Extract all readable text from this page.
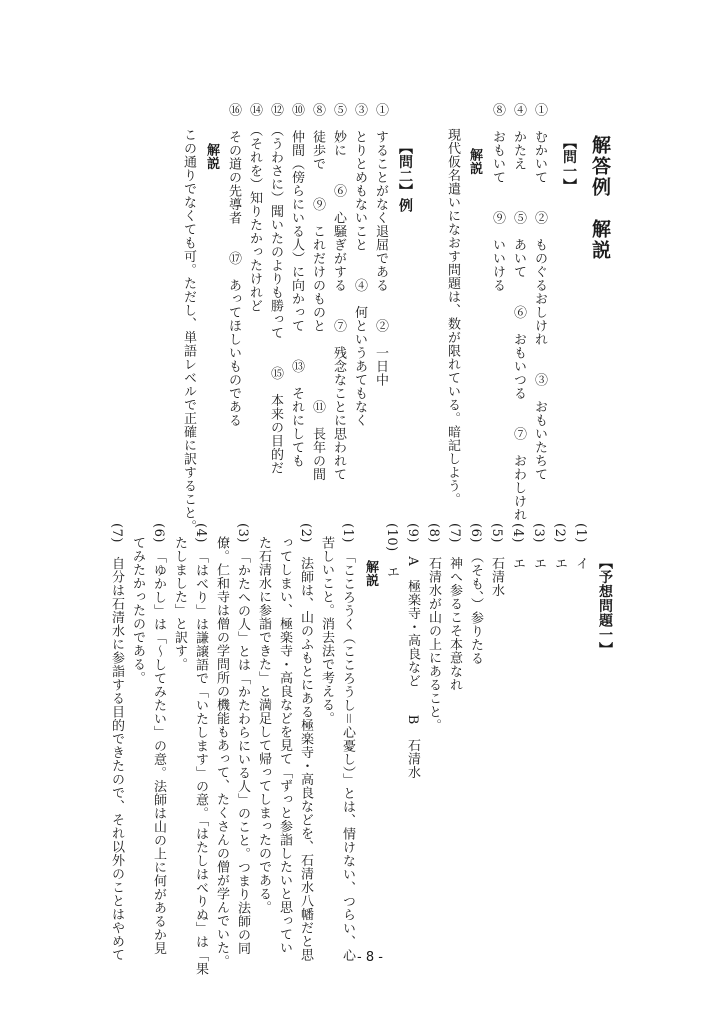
解答例　解説
【問一】
①　むかいて　　②　ものぐるおしけれ　　③　おもいたちて
④　かたえ　　　⑤　あいて　　⑥　おもいつる　　⑦　おわしけれ
⑧　おもいて　　⑨　いいける
解説
現代仮名遣いになおす問題は、数が限れている。暗記しよう。
【問二】例
①　することがなく退屈である　　②　一日中
③　とりとめもないこと　　④　何というあてもなく
⑤　妙に　　⑥　心騒ぎがする　　⑦　残念なことに思われて
⑧　徒歩で　　⑨　これだけのものと　　　　　⑪　長年の間
⑩　仲間（傍らにいる人）に向かって　　⑬　それにしても
⑫　（うわさに）聞いたのよりも勝って　　⑮　本来の目的だ
⑭　（それを）知りたかったけれど
⑯　その道の先導者　　⑰　あってほしいものである
解説
この通りでなくても可。ただし、単語レベルで正確に訳すること。
【予想問題一】
(1)　イ
(2)　エ
(3)　エ
(4)　エ
(5)　石清水
(6)　（そも、）参りたる
(7)　神へ参るこそ本意なれ
(8)　石清水が山の上にあること。
(9)　A　極楽寺・高良など　　B　石清水
(10)　エ
解説
(1)　「こころうく（こころうし＝心憂し）」とは、情けない、つらい、心
苦しいこと。消去法で考える。
(2)　法師は、山のふもとにある極楽寺・高良などを、石清水八幡だと思
ってしまい、極楽寺・高良などを見て「ずっと参詣したいと思ってい
た石清水に参詣できた」と満足して帰ってしまったのである。
(3)　「かたへの人」とは「かたわらにいる人」のこと。つまり法師の同
僚。仁和寺は僧の学問所の機能もあって、たくさんの僧が学んでいた。
(4)　「はべり」は謙譲語で「いたします」の意。「はたしはべりぬ」は「果
たしました」と訳す。
(6)　「ゆかし」は「～してみたい」の意。法師は山の上に何があるか見
てみたかったのである。
(7)　自分は石清水に参詣する目的できたので、それ以外のことはやめて	- 8 -
